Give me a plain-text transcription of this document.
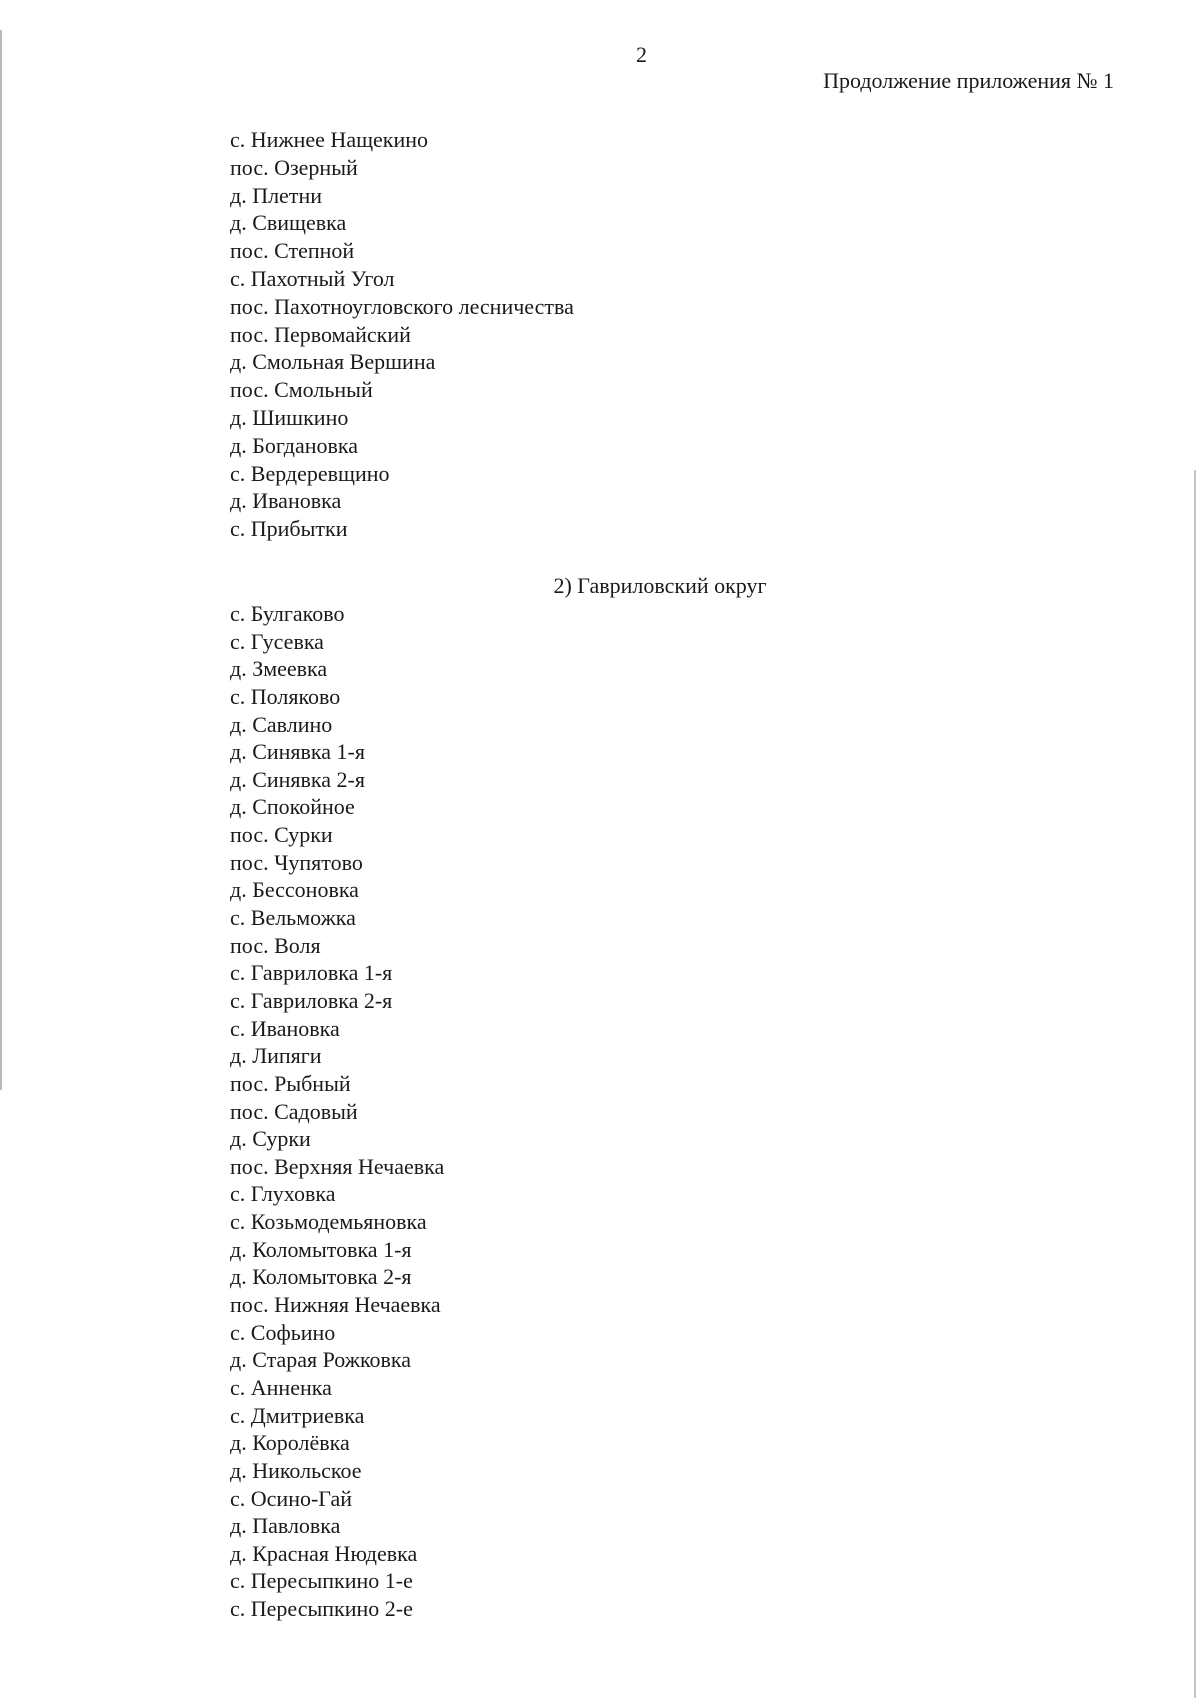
2
Продолжение приложения № 1
с. Нижнее Нащекино
пос. Озерный
д. Плетни
д. Свищевка
пос. Степной
с. Пахотный Угол
пос. Пахотноугловского лесничества
пос. Первомайский
д. Смольная Вершина
пос. Смольный
д. Шишкино
д. Богдановка
с. Вердеревщино
д. Ивановка
с. Прибытки
2) Гавриловский округ
с. Булгаково
с. Гусевка
д. Змеевка
с. Поляково
д. Савлино
д. Синявка 1-я
д. Синявка 2-я
д. Спокойное
пос. Сурки
пос. Чупятово
д. Бессоновка
с. Вельможка
пос. Воля
с. Гавриловка 1-я
с. Гавриловка 2-я
с. Ивановка
д. Липяги
пос. Рыбный
пос. Садовый
д. Сурки
пос. Верхняя Нечаевка
с. Глуховка
с. Козьмодемьяновка
д. Коломытовка 1-я
д. Коломытовка 2-я
пос. Нижняя Нечаевка
с. Софьино
д. Старая Рожковка
с. Анненка
с. Дмитриевка
д. Королёвка
д. Никольское
с. Осино-Гай
д. Павловка
д. Красная Нюдевка
с. Пересыпкино 1-е
с. Пересыпкино 2-е
